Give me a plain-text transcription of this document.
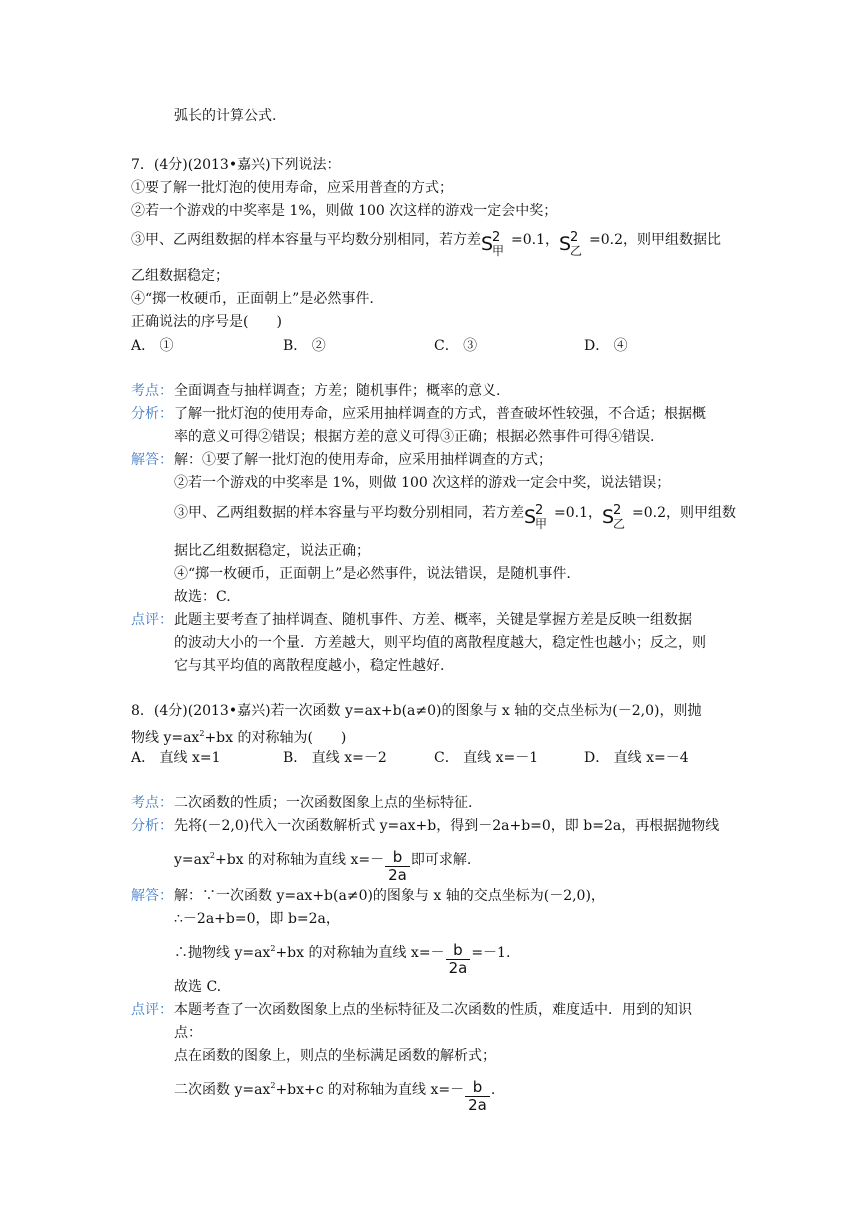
弧长的计算公式.
7．(4分)(2013•嘉兴)下列说法：
①要了解一批灯泡的使用寿命，应采用普查的方式；
②若一个游戏的中奖率是 1%，则做 100 次这样的游戏一定会中奖；
③甲、乙两组数据的样本容量与平均数分别相同，若方差S
2
甲
=0.1，S
2
乙
=0.2，则甲组数据比
乙组数据稳定；
④“掷一枚硬币，正面朝上”是必然事件.
正确说法的序号是(　　)
A． ①	B． ②	C． ③	D． ④
考点： 全面调查与抽样调查；方差；随机事件；概率的意义.
分析： 了解一批灯泡的使用寿命，应采用抽样调查的方式，普查破坏性较强，不合适；根据概
率的意义可得②错误；根据方差的意义可得③正确；根据必然事件可得④错误.
解答： 解：①要了解一批灯泡的使用寿命，应采用抽样调查的方式；
②若一个游戏的中奖率是 1%，则做 100 次这样的游戏一定会中奖，说法错误；
③甲、乙两组数据的样本容量与平均数分别相同，若方差S
2
甲
=0.1，S
2
乙
=0.2，则甲组数
据比乙组数据稳定，说法正确；
④“掷一枚硬币，正面朝上”是必然事件，说法错误，是随机事件.
故选：C.
点评： 此题主要考查了抽样调查、随机事件、方差、概率，关键是掌握方差是反映一组数据
的波动大小的一个量．方差越大，则平均值的离散程度越大，稳定性也越小；反之，则
它与其平均值的离散程度越小，稳定性越好.
8．(4分)(2013•嘉兴)若一次函数 y=ax+b(a≠0)的图象与 x 轴的交点坐标为(－2,0)，则抛
物线 $y=ax^2+bx$ 的对称轴为(　　)
A． 直线 x=1	B． 直线 x=－2	C． 直线 x=－1	D． 直线 x=－4
考点： 二次函数的性质；一次函数图象上点的坐标特征.
分析： 先将(－2,0)代入一次函数解析式 y=ax+b，得到－2a+b=0，即 b=2a，再根据抛物线
$y=ax^2+bx$ 的对称轴为直线 $x=- \frac{b}{2a}$ 即可求解.
解答： 解：∵一次函数 y=ax+b(a≠0)的图象与 x 轴的交点坐标为(－2,0)，
∴－2a+b=0，即 b=2a，
∴抛物线 $y=ax^2+bx$ 的对称轴为直线 $x=- \frac{b}{2a} =-1$.
故选 C.
点评： 本题考查了一次函数图象上点的坐标特征及二次函数的性质，难度适中．用到的知识
点：
点在函数的图象上，则点的坐标满足函数的解析式；
二次函数 $y=ax^2+bx+c$ 的对称轴为直线 $x=- \frac{b}{2a}$ .
